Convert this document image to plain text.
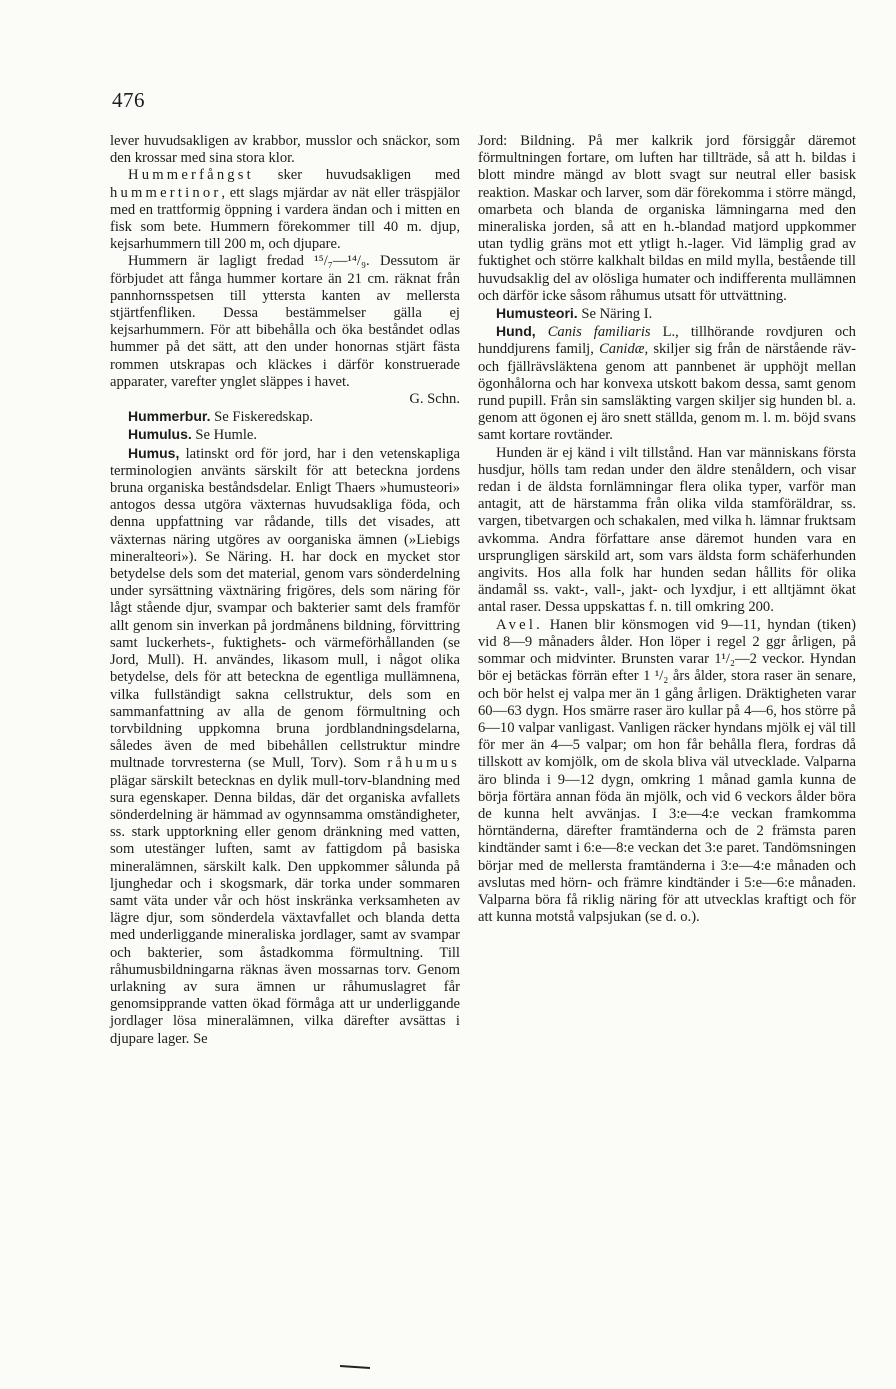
476

lever huvudsakligen av krabbor, musslor och snäckor, som den krossar med sina stora klor.

Hummerfångst sker huvudsakligen med hummertinor, ett slags mjärdar av nät eller träspjälor med en trattformig öppning i vardera ändan och i mitten en fisk som bete. Hummern förekommer till 40 m. djup, kejsarhummern till 200 m, och djupare.

Hummern är lagligt fredad ¹⁵/₇—¹⁴/₉. Dessutom är förbjudet att fånga hummer kortare än 21 cm. räknat från pannhornsspetsen till yttersta kanten av mellersta stjärtfenfliken. Dessa bestämmelser gälla ej kejsarhummern. För att bibehålla och öka beståndet odlas hummer på det sätt, att den under honornas stjärt fästa rommen utskrapas och kläckes i därför konstruerade apparater, varefter ynglet släppes i havet.
G. Schn.

Hummerbur. Se Fiskeredskap.

Humulus. Se Humle.

Humus, latinskt ord för jord, har i den vetenskapliga terminologien använts särskilt för att beteckna jordens bruna organiska beståndsdelar. Enligt Thaers »humusteori» antogos dessa utgöra växternas huvudsakliga föda, och denna uppfattning var rådande, tills det visades, att växternas näring utgöres av oorganiska ämnen (»Liebigs mineralteori»). Se Näring. H. har dock en mycket stor betydelse dels som det material, genom vars sönderdelning under syrsättning växtnäring frigöres, dels som näring för lågt stående djur, svampar och bakterier samt dels framför allt genom sin inverkan på jordmånens bildning, förvittring samt luckerhets-, fuktighets- och värmeförhållanden (se Jord, Mull). H. användes, likasom mull, i något olika betydelse, dels för att beteckna de egentliga mullämnena, vilka fullständigt sakna cellstruktur, dels som en sammanfattning av alla de genom förmultning och torvbildning uppkomna bruna jordblandningsdelarna, således även de med bibehållen cellstruktur mindre multnade torvresterna (se Mull, Torv). Som råhumus plägar särskilt betecknas en dylik mull-torv-blandning med sura egenskaper. Denna bildas, där det organiska avfallets sönderdelning är hämmad av ogynnsamma omständigheter, ss. stark upptorkning eller genom dränkning med vatten, som utestänger luften, samt av fattigdom på basiska mineralämnen, särskilt kalk. Den uppkommer sålunda på ljunghedar och i skogsmark, där torka under sommaren samt väta under vår och höst inskränka verksamheten av lägre djur, som sönderdela växtavfallet och blanda detta med underliggande mineraliska jordlager, samt av svampar och bakterier, som åstadkomma förmultning. Till råhumusbildningarna räknas även mossarnas torv. Genom urlakning av sura ämnen ur råhumuslagret får genomsipprande vatten ökad förmåga att ur underliggande jordlager lösa mineralämnen, vilka därefter avsättas i djupare lager. Se

Jord: Bildning. På mer kalkrik jord försiggår däremot förmultningen fortare, om luften har tillträde, så att h. bildas i blott mindre mängd av blott svagt sur neutral eller basisk reaktion. Maskar och larver, som där förekomma i större mängd, omarbeta och blanda de organiska lämningarna med den mineraliska jorden, så att en h.-blandad matjord uppkommer utan tydlig gräns mot ett ytligt h.-lager. Vid lämplig grad av fuktighet och större kalkhalt bildas en mild mylla, bestående till huvudsaklig del av olösliga humater och indifferenta mullämnen och därför icke såsom råhumus utsatt för uttvättning.

Humusteori. Se Näring I.

Hund, Canis familiaris L., tillhörande rovdjuren och hunddjurens familj, Canidæ, skiljer sig från de närstående räv- och fjällrävsläktena genom att pannbenet är upphöjt mellan ögonhålorna och har konvexa utskott bakom dessa, samt genom rund pupill. Från sin samsläkting vargen skiljer sig hunden bl. a. genom att ögonen ej äro snett ställda, genom m. l. m. böjd svans samt kortare rovtänder.

Hunden är ej känd i vilt tillstånd. Han var människans första husdjur, hölls tam redan under den äldre stenåldern, och visar redan i de äldsta fornlämningar flera olika typer, varför man antagit, att de härstamma från olika vilda stamföräldrar, ss. vargen, tibetvargen och schakalen, med vilka h. lämnar fruktsam avkomma. Andra författare anse däremot hunden vara en ursprungligen särskild art, som vars äldsta form schäferhunden angivits. Hos alla folk har hunden sedan hållits för olika ändamål ss. vakt-, vall-, jakt- och lyxdjur, i ett alltjämnt ökat antal raser. Dessa uppskattas f. n. till omkring 200.

Avel. Hanen blir könsmogen vid 9—11, hyndan (tiken) vid 8—9 månaders ålder. Hon löper i regel 2 ggr årligen, på sommar och midvinter. Brunsten varar 1¹/₂—2 veckor. Hyndan bör ej betäckas förrän efter 1 ¹/₂ års ålder, stora raser än senare, och bör helst ej valpa mer än 1 gång årligen. Dräktigheten varar 60—63 dygn. Hos smärre raser äro kullar på 4—6, hos större på 6—10 valpar vanligast. Vanligen räcker hyndans mjölk ej väl till för mer än 4—5 valpar; om hon får behålla flera, fordras då tillskott av komjölk, om de skola bliva väl utvecklade. Valparna äro blinda i 9—12 dygn, omkring 1 månad gamla kunna de börja förtära annan föda än mjölk, och vid 6 veckors ålder böra de kunna helt avvänjas. I 3:e—4:e veckan framkomma hörntänderna, därefter framtänderna och de 2 främsta paren kindtänder samt i 6:e—8:e veckan det 3:e paret. Tandömsningen börjar med de mellersta framtänderna i 3:e—4:e månaden och avslutas med hörn- och främre kindtänder i 5:e—6:e månaden. Valparna böra få riklig näring för att utvecklas kraftigt och för att kunna motstå valpsjukan (se d. o.).
